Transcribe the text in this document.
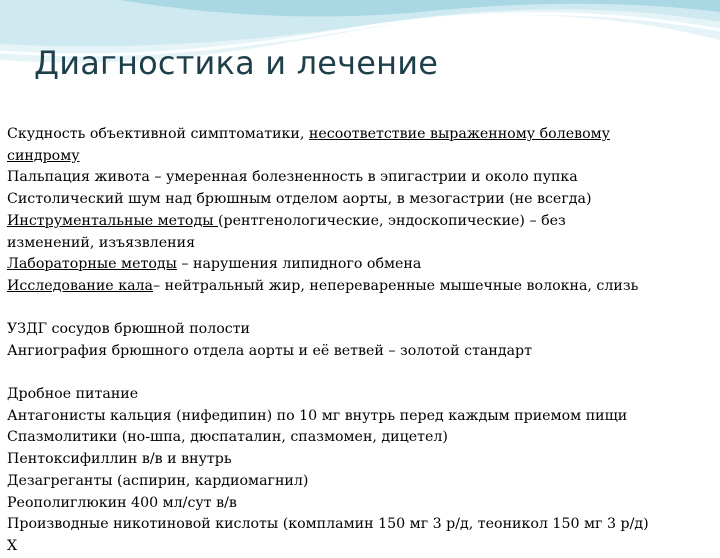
Диагностика и лечение

Скудность объективной симптоматики, несоответствие выраженному болевому

синдрому

Пальпация живота – умеренная болезненность в эпигастрии и около пупка

Систолический шум над брюшным отделом аорты, в мезогастрии (не всегда)

Инструментальные методы (рентгенологические, эндоскопические) – без

изменений, изъязвления

Лабораторные методы – нарушения липидного обмена

Исследование кала– нейтральный жир, непереваренные мышечные волокна, слизь

УЗДГ сосудов брюшной полости

Ангиография брюшного отдела аорты и её ветвей – золотой стандарт

Дробное питание

Антагонисты кальция (нифедипин) по 10 мг внутрь перед каждым приемом пищи

Спазмолитики (но-шпа, дюспаталин, спазмомен, дицетел)

Пентоксифиллин в/в и внутрь

Дезагреганты (аспирин, кардиомагнил)

Реополиглюкин 400 мл/сут в/в

Производные никотиновой кислоты (компламин 150 мг 3 р/д, теоникол 150 мг 3 р/д)

Х
